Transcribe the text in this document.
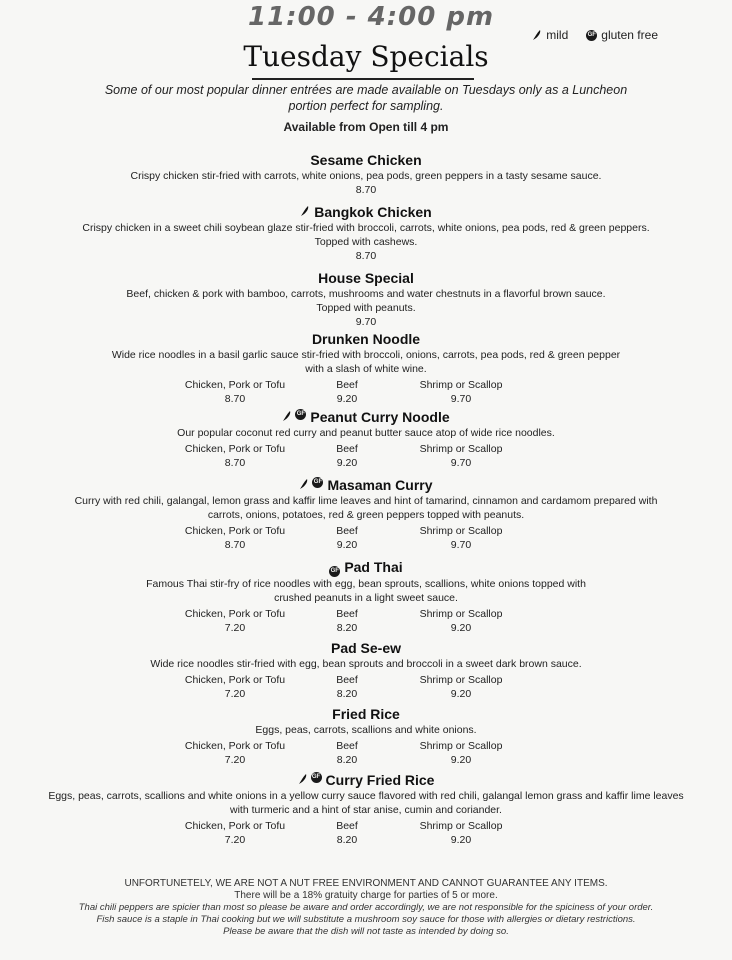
11:00 - 4:00 pm
mild	GF gluten free
Tuesday Specials
Some of our most popular dinner entrées are made available on Tuesdays only as a Luncheon portion perfect for sampling.
Available from Open till 4 pm
Sesame Chicken
Crispy chicken stir-fried with carrots, white onions, pea pods, green peppers in a tasty sesame sauce.
8.70
Bangkok Chicken
Crispy chicken in a sweet chili soybean glaze stir-fried with broccoli, carrots, white onions, pea pods, red & green peppers.
Topped with cashews.
8.70
House Special
Beef, chicken & pork with bamboo, carrots, mushrooms and water chestnuts in a flavorful brown sauce.
Topped with peanuts.
9.70
Drunken Noodle
Wide rice noodles in a basil garlic sauce stir-fried with broccoli, onions, carrots, pea pods, red & green pepper
with a slash of white wine.
Chicken, Pork or Tofu
8.70
Beef
9.20
Shrimp or Scallop
9.70
GF Peanut Curry Noodle
Our popular coconut red curry and peanut butter sauce atop of wide rice noodles.
Chicken, Pork or Tofu
8.70
Beef
9.20
Shrimp or Scallop
9.70
GF Masaman Curry
Curry with red chili, galangal, lemon grass and kaffir lime leaves and hint of tamarind, cinnamon and cardamom prepared with
carrots, onions, potatoes, red & green peppers topped with peanuts.
Chicken, Pork or Tofu
8.70
Beef
9.20
Shrimp or Scallop
9.70
GF Pad Thai
Famous Thai stir-fry of rice noodles with egg, bean sprouts, scallions, white onions topped with
crushed peanuts in a light sweet sauce.
Chicken, Pork or Tofu
7.20
Beef
8.20
Shrimp or Scallop
9.20
Pad Se-ew
Wide rice noodles stir-fried with egg, bean sprouts and broccoli in a sweet dark brown sauce.
Chicken, Pork or Tofu
7.20
Beef
8.20
Shrimp or Scallop
9.20
Fried Rice
Eggs, peas, carrots, scallions and white onions.
Chicken, Pork or Tofu
7.20
Beef
8.20
Shrimp or Scallop
9.20
GF Curry Fried Rice
Eggs, peas, carrots, scallions and white onions in a yellow curry sauce flavored with red chili, galangal lemon grass and kaffir lime leaves
with turmeric and a hint of star anise, cumin and coriander.
Chicken, Pork or Tofu
7.20
Beef
8.20
Shrimp or Scallop
9.20
UNFORTUNETELY, WE ARE NOT A NUT FREE ENVIRONMENT AND CANNOT GUARANTEE ANY ITEMS.
There will be a 18% gratuity charge for parties of 5 or more.
Thai chili peppers are spicier than most so please be aware and order accordingly, we are not responsible for the spiciness of your order.
Fish sauce is a staple in Thai cooking but we will substitute a mushroom soy sauce for those with allergies or dietary restrictions.
Please be aware that the dish will not taste as intended by doing so.
